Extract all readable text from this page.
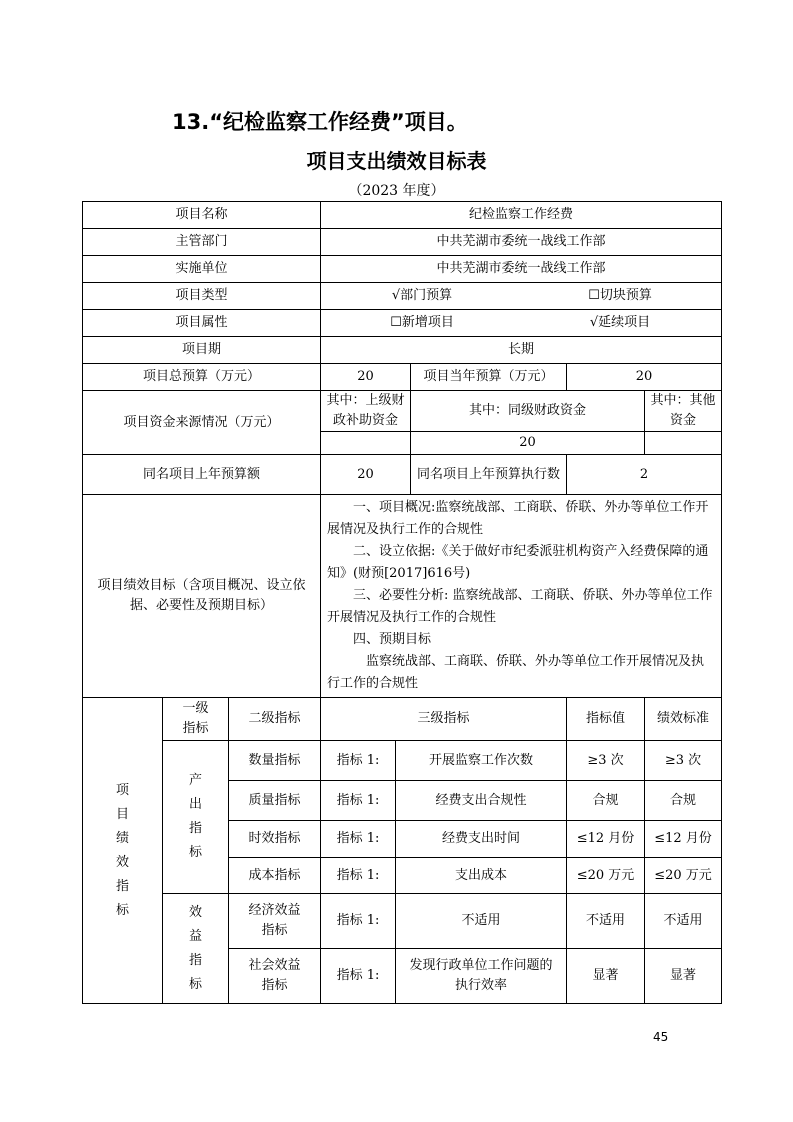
13.“纪检监察工作经费”项目。
项目支出绩效目标表
（2023 年度）
项目名称			纪检监察工作经费				
主管部门			中共芜湖市委统一战线工作部				
实施单位			中共芜湖市委统一战线工作部				
项目类型			√部门预算 ☐切块预算				

项目属性			☐新增项目 √延续项目				

项目期			长期				
项目总预算（万元）			20		项目当年预算（万元）	20	
项目资金来源情况（万元）			其中：上级财政补助资金		其中：同级财政资金		其中：其他资金
					20		
同名项目上年预算额			20		同名项目上年预算执行数	2	
项目绩效目标（含项目概况、设立依据、必要性及预期目标）			一、项目概况:监察统战部、工商联、侨联、外办等单位工作开展情况及执行工作的合规性
二、设立依据:《关于做好市纪委派驻机构资产入经费保障的通知》(财预[2017]616号)
三、必要性分析: 监察统战部、工商联、侨联、外办等单位工作开展情况及执行工作的合规性
四、预期目标
监察统战部、工商联、侨联、外办等单位工作开展情况及执行工作的合规性				

项目绩效指标	一级指标	二级指标	三级指标			指标值	绩效标准
	产出指标	数量指标	指标 1:	开展监察工作次数		≥3 次	≥3 次
		质量指标	指标 1:	经费支出合规性		合规	合规
		时效指标	指标 1:	经费支出时间		≤12 月份	≤12 月份
		成本指标	指标 1:	支出成本		≤20 万元	≤20 万元
	效益指标	经济效益指标	指标 1:	不适用		不适用	不适用
		社会效益指标	指标 1:	发现行政单位工作问题的执行效率		显著	显著
45
